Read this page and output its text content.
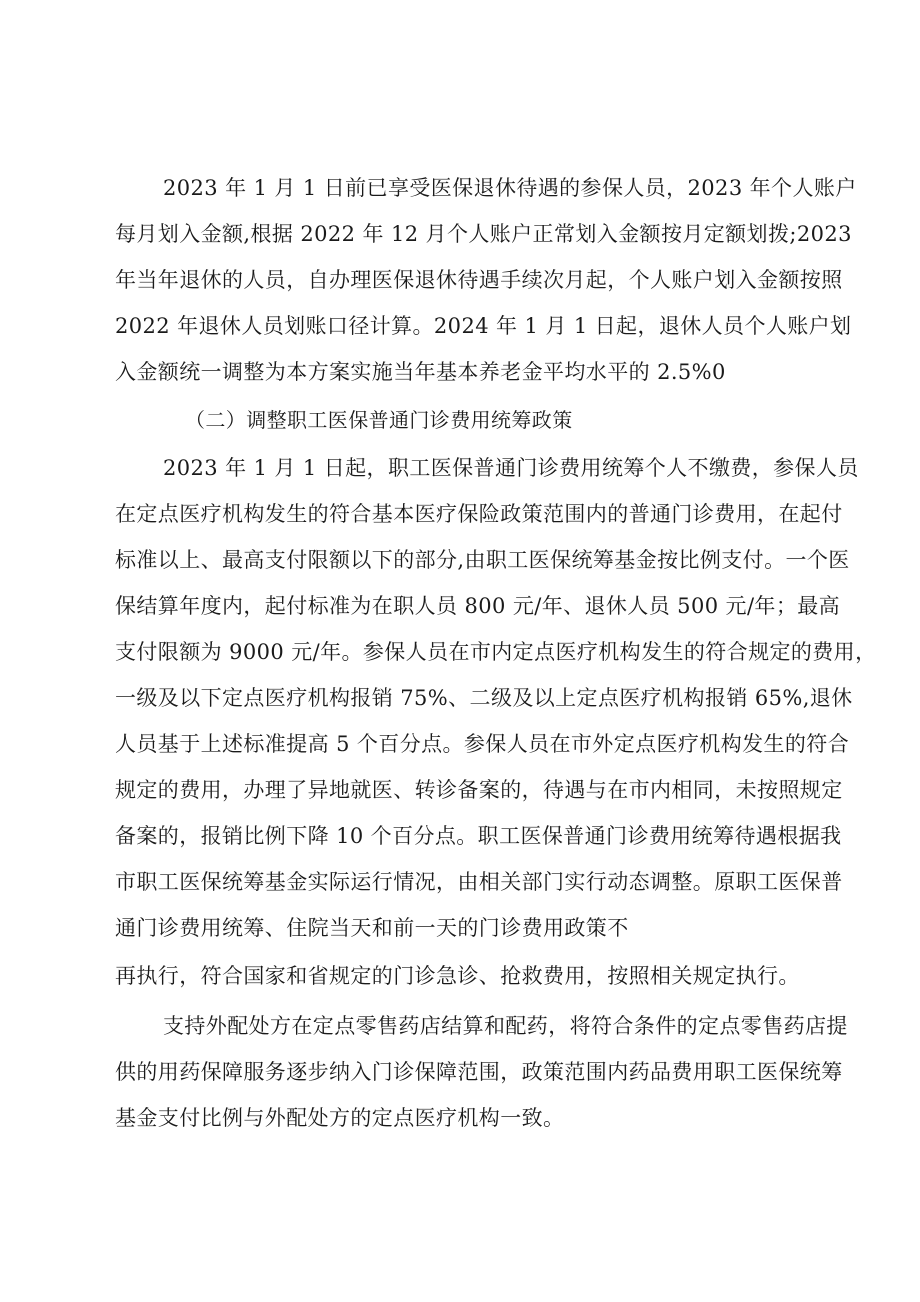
2023 年 1 月 1 日前已享受医保退休待遇的参保人员，2023 年个人账户
每月划入金额,根据 2022 年 12 月个人账户正常划入金额按月定额划拨;2023
年当年退休的人员，自办理医保退休待遇手续次月起，个人账户划入金额按照
2022 年退休人员划账口径计算。2024 年 1 月 1 日起，退休人员个人账户划
入金额统一调整为本方案实施当年基本养老金平均水平的 2.5%0
（二）调整职工医保普通门诊费用统筹政策
2023 年 1 月 1 日起，职工医保普通门诊费用统筹个人不缴费，参保人员
在定点医疗机构发生的符合基本医疗保险政策范围内的普通门诊费用，在起付
标准以上、最高支付限额以下的部分,由职工医保统筹基金按比例支付。一个医
保结算年度内，起付标准为在职人员 800 元/年、退休人员 500 元/年；最高
支付限额为 9000 元/年。参保人员在市内定点医疗机构发生的符合规定的费用，
一级及以下定点医疗机构报销 75%、二级及以上定点医疗机构报销 65%,退休
人员基于上述标准提高 5 个百分点。参保人员在市外定点医疗机构发生的符合
规定的费用，办理了异地就医、转诊备案的，待遇与在市内相同，未按照规定
备案的，报销比例下降 10 个百分点。职工医保普通门诊费用统筹待遇根据我
市职工医保统筹基金实际运行情况，由相关部门实行动态调整。原职工医保普
通门诊费用统筹、住院当天和前一天的门诊费用政策不
再执行，符合国家和省规定的门诊急诊、抢救费用，按照相关规定执行。
支持外配处方在定点零售药店结算和配药，将符合条件的定点零售药店提
供的用药保障服务逐步纳入门诊保障范围，政策范围内药品费用职工医保统筹
基金支付比例与外配处方的定点医疗机构一致。
